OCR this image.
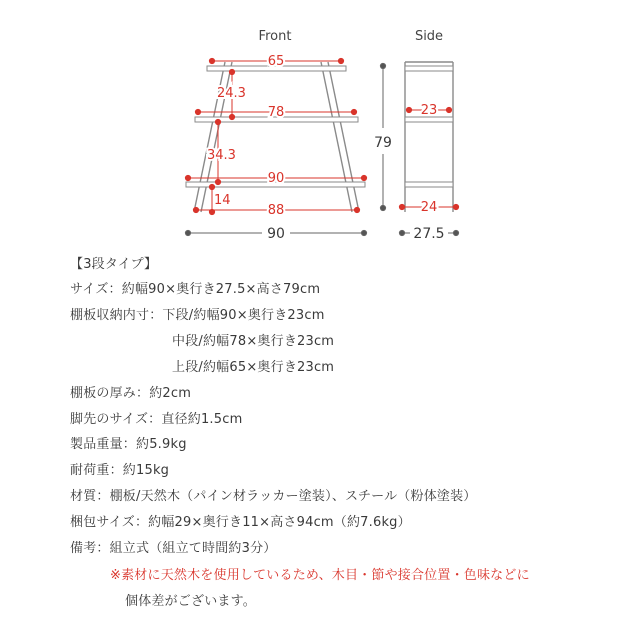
Front	Side
65
24.3
78
34.3
90
14
88
90
23
24
79
27.5
【3段タイプ】
サイズ：約幅90×奥行き27.5×高さ79cm
棚板収納内寸：下段/約幅90×奥行き23cm
中段/約幅78×奥行き23cm
上段/約幅65×奥行き23cm
棚板の厚み：約2cm
脚先のサイズ：直径約1.5cm
製品重量：約5.9kg
耐荷重：約15kg
材質：棚板/天然木（パイン材ラッカー塗装）、スチール（粉体塗装）
梱包サイズ：約幅29×奥行き11×高さ94cm（約7.6kg）
備考：組立式（組立て時間約3分）
※素材に天然木を使用しているため、木目・節や接合位置・色味などに
個体差がございます。
